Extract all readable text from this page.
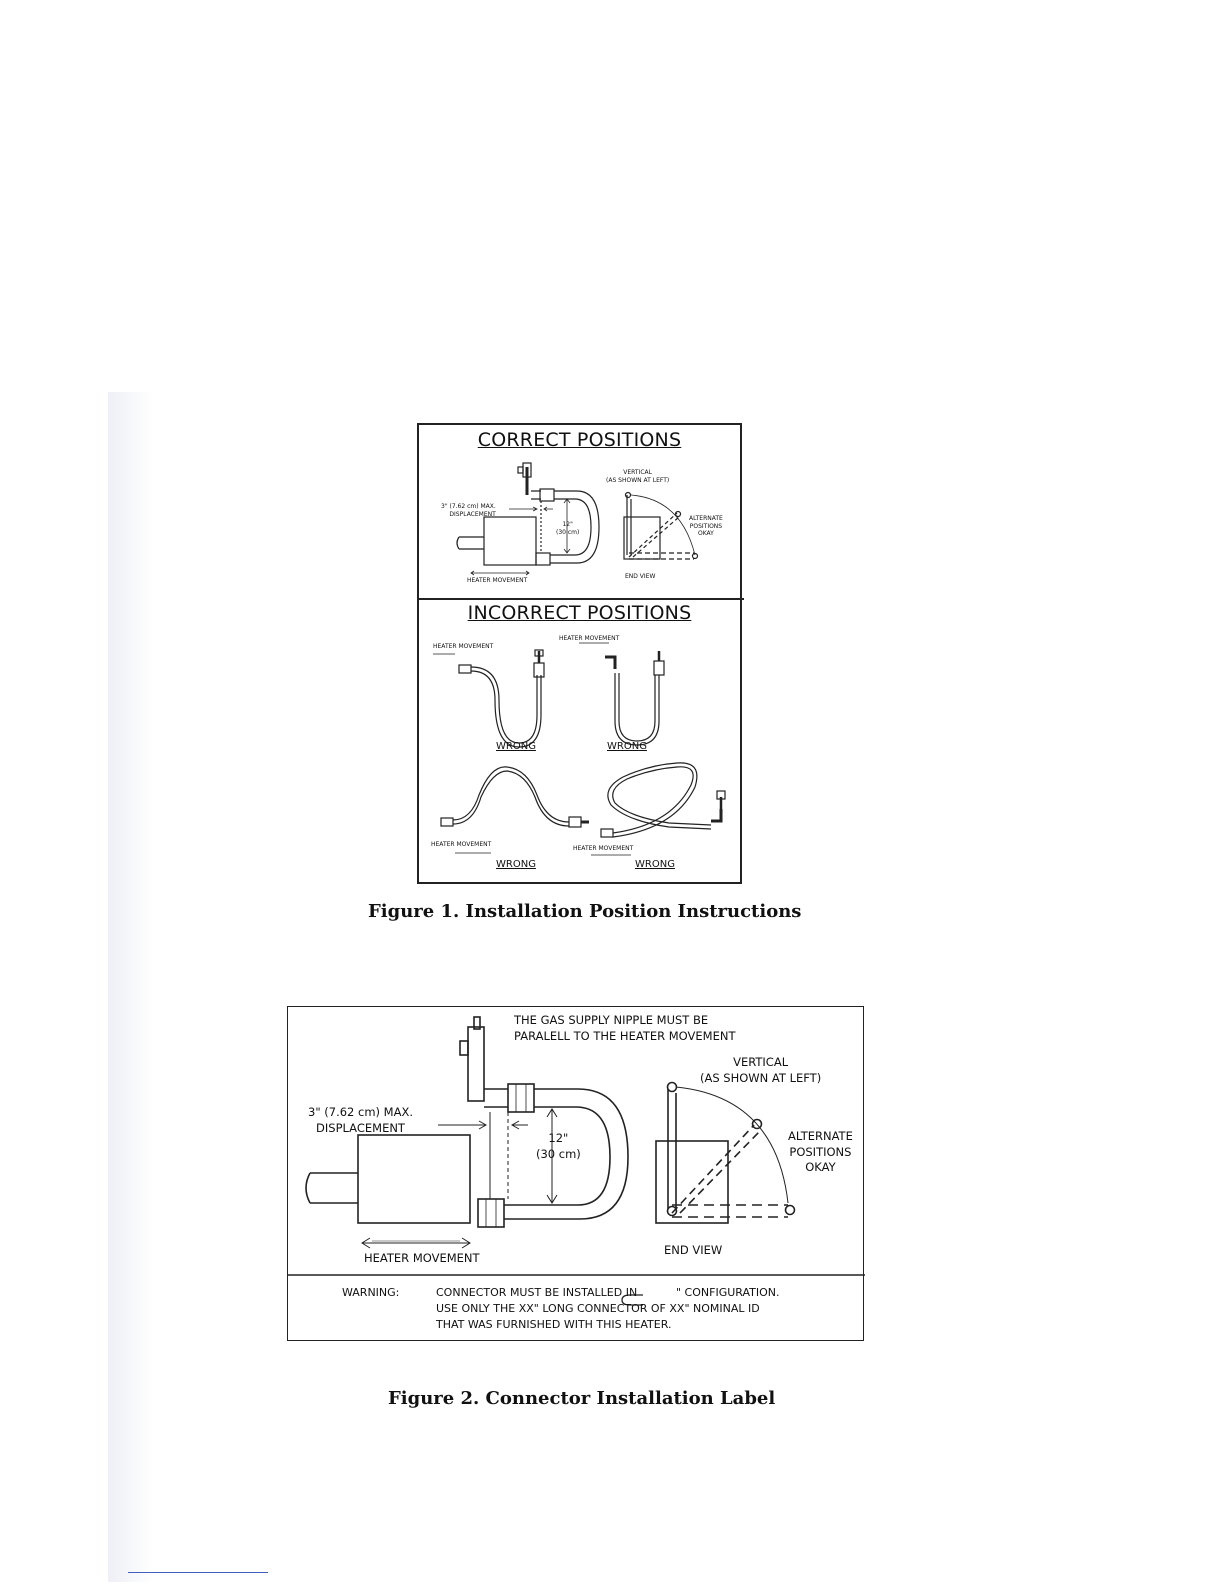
CORRECT POSITIONS
3" (7.62 cm) MAX.
DISPLACEMENT
12"
(30 cm)
VERTICAL
(AS SHOWN AT LEFT)
ALTERNATE
POSITIONS
OKAY
HEATER MOVEMENT
END VIEW
INCORRECT POSITIONS
HEATER MOVEMENT
HEATER MOVEMENT
WRONG	WRONG
HEATER MOVEMENT
HEATER MOVEMENT
WRONG	WRONG
Figure 1. Installation Position Instructions
THE GAS SUPPLY NIPPLE MUST BE
PARALELL TO THE HEATER MOVEMENT
VERTICAL
(AS SHOWN AT LEFT)
ALTERNATE
POSITIONS
OKAY
3" (7.62 cm) MAX.
DISPLACEMENT
12"
(30 cm)
HEATER MOVEMENT
END VIEW
WARNING:	CONNECTOR MUST BE INSTALLED IN	" CONFIGURATION.
USE ONLY THE XX" LONG CONNECTOR OF XX" NOMINAL ID
THAT WAS FURNISHED WITH THIS HEATER.
Figure 2. Connector Installation Label
